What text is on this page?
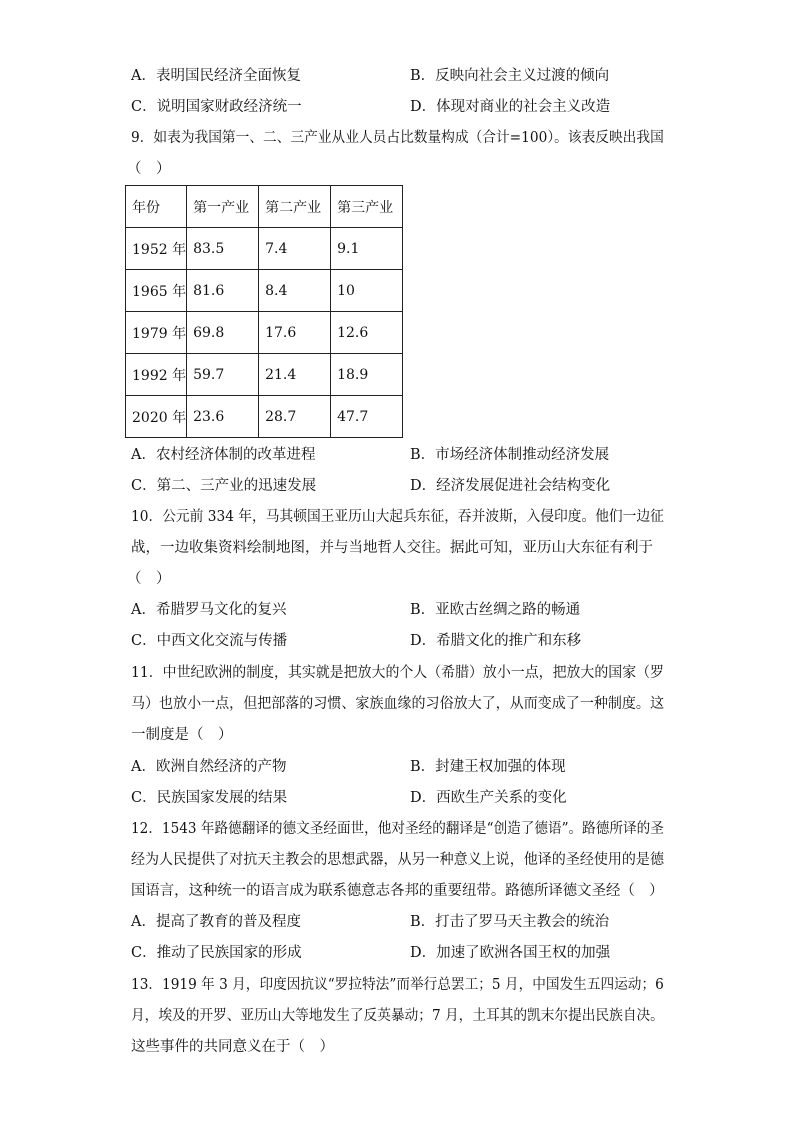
A．表明国民经济全面恢复	B．反映向社会主义过渡的倾向
C．说明国家财政经济统一	D．体现对商业的社会主义改造
9．如表为我国第一、二、三产业从业人员占比数量构成（合计=100）。该表反映出我国
（　）
年份	第一产业	第二产业	第三产业
1952 年	83.5	7.4	9.1
1965 年	81.6	8.4	10
1979 年	69.8	17.6	12.6
1992 年	59.7	21.4	18.9
2020 年	23.6	28.7	47.7
A．农村经济体制的改革进程	B．市场经济体制推动经济发展
C．第二、三产业的迅速发展	D．经济发展促进社会结构变化
10．公元前 334 年，马其顿国王亚历山大起兵东征，吞并波斯，入侵印度。他们一边征
战，一边收集资料绘制地图，并与当地哲人交往。据此可知，亚历山大东征有利于
（　）
A．希腊罗马文化的复兴	B．亚欧古丝绸之路的畅通
C．中西文化交流与传播	D．希腊文化的推广和东移
11．中世纪欧洲的制度，其实就是把放大的个人（希腊）放小一点，把放大的国家（罗
马）也放小一点，但把部落的习惯、家族血缘的习俗放大了，从而变成了一种制度。这
一制度是（　）
A．欧洲自然经济的产物	B．封建王权加强的体现
C．民族国家发展的结果	D．西欧生产关系的变化
12．1543 年路德翻译的德文圣经面世，他对圣经的翻译是“创造了德语”。路德所译的圣
经为人民提供了对抗天主教会的思想武器，从另一种意义上说，他译的圣经使用的是德
国语言，这种统一的语言成为联系德意志各邦的重要纽带。路德所译德文圣经（　）
A．提高了教育的普及程度	B．打击了罗马天主教会的统治
C．推动了民族国家的形成	D．加速了欧洲各国王权的加强
13．1919 年 3 月，印度因抗议“罗拉特法”而举行总罢工；5 月，中国发生五四运动；6
月，埃及的开罗、亚历山大等地发生了反英暴动；7 月，土耳其的凯末尔提出民族自决。
这些事件的共同意义在于（　）
